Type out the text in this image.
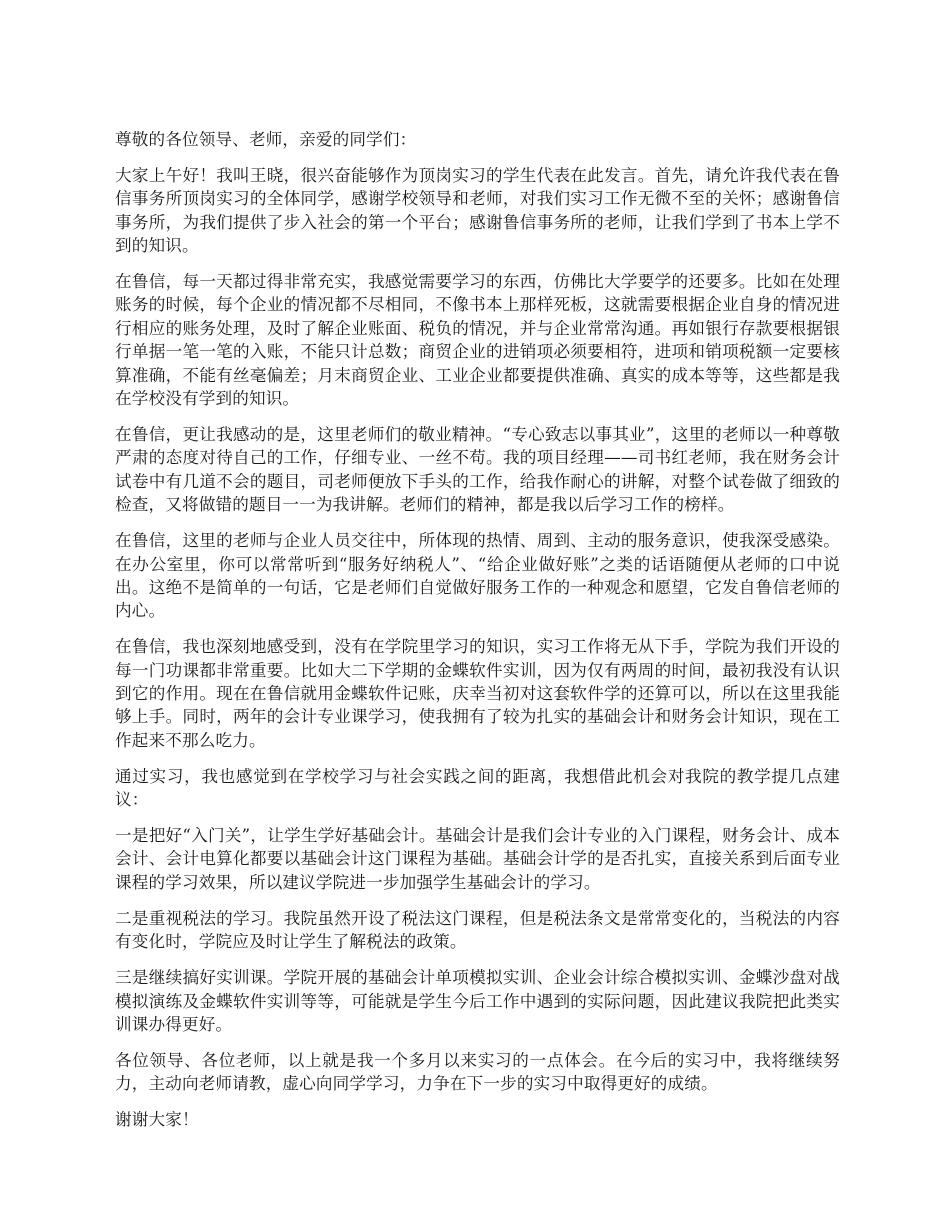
尊敬的各位领导、老师，亲爱的同学们：

大家上午好！我叫王晓，很兴奋能够作为顶岗实习的学生代表在此发言。首先，请允许我代表在鲁信事务所顶岗实习的全体同学，感谢学校领导和老师，对我们实习工作无微不至的关怀；感谢鲁信事务所，为我们提供了步入社会的第一个平台；感谢鲁信事务所的老师，让我们学到了书本上学不到的知识。

在鲁信，每一天都过得非常充实，我感觉需要学习的东西，仿佛比大学要学的还要多。比如在处理账务的时候，每个企业的情况都不尽相同，不像书本上那样死板，这就需要根据企业自身的情况进行相应的账务处理，及时了解企业账面、税负的情况，并与企业常常沟通。再如银行存款要根据银行单据一笔一笔的入账，不能只计总数；商贸企业的进销项必须要相符，进项和销项税额一定要核算准确，不能有丝毫偏差；月末商贸企业、工业企业都要提供准确、真实的成本等等，这些都是我在学校没有学到的知识。

在鲁信，更让我感动的是，这里老师们的敬业精神。“专心致志以事其业”，这里的老师以一种尊敬严肃的态度对待自己的工作，仔细专业、一丝不苟。我的项目经理——司书红老师，我在财务会计试卷中有几道不会的题目，司老师便放下手头的工作，给我作耐心的讲解，对整个试卷做了细致的检查，又将做错的题目一一为我讲解。老师们的精神，都是我以后学习工作的榜样。

在鲁信，这里的老师与企业人员交往中，所体现的热情、周到、主动的服务意识，使我深受感染。在办公室里，你可以常常听到“服务好纳税人”、“给企业做好账”之类的话语随便从老师的口中说出。这绝不是简单的一句话，它是老师们自觉做好服务工作的一种观念和愿望，它发自鲁信老师的内心。

在鲁信，我也深刻地感受到，没有在学院里学习的知识，实习工作将无从下手，学院为我们开设的每一门功课都非常重要。比如大二下学期的金蝶软件实训，因为仅有两周的时间，最初我没有认识到它的作用。现在在鲁信就用金蝶软件记账，庆幸当初对这套软件学的还算可以，所以在这里我能够上手。同时，两年的会计专业课学习，使我拥有了较为扎实的基础会计和财务会计知识，现在工作起来不那么吃力。

通过实习，我也感觉到在学校学习与社会实践之间的距离，我想借此机会对我院的教学提几点建议：

一是把好“入门关”，让学生学好基础会计。基础会计是我们会计专业的入门课程，财务会计、成本会计、会计电算化都要以基础会计这门课程为基础。基础会计学的是否扎实，直接关系到后面专业课程的学习效果，所以建议学院进一步加强学生基础会计的学习。

二是重视税法的学习。我院虽然开设了税法这门课程，但是税法条文是常常变化的，当税法的内容有变化时，学院应及时让学生了解税法的政策。

三是继续搞好实训课。学院开展的基础会计单项模拟实训、企业会计综合模拟实训、金蝶沙盘对战模拟演练及金蝶软件实训等等，可能就是学生今后工作中遇到的实际问题，因此建议我院把此类实训课办得更好。

各位领导、各位老师，以上就是我一个多月以来实习的一点体会。在今后的实习中，我将继续努力，主动向老师请教，虚心向同学学习，力争在下一步的实习中取得更好的成绩。

谢谢大家！
